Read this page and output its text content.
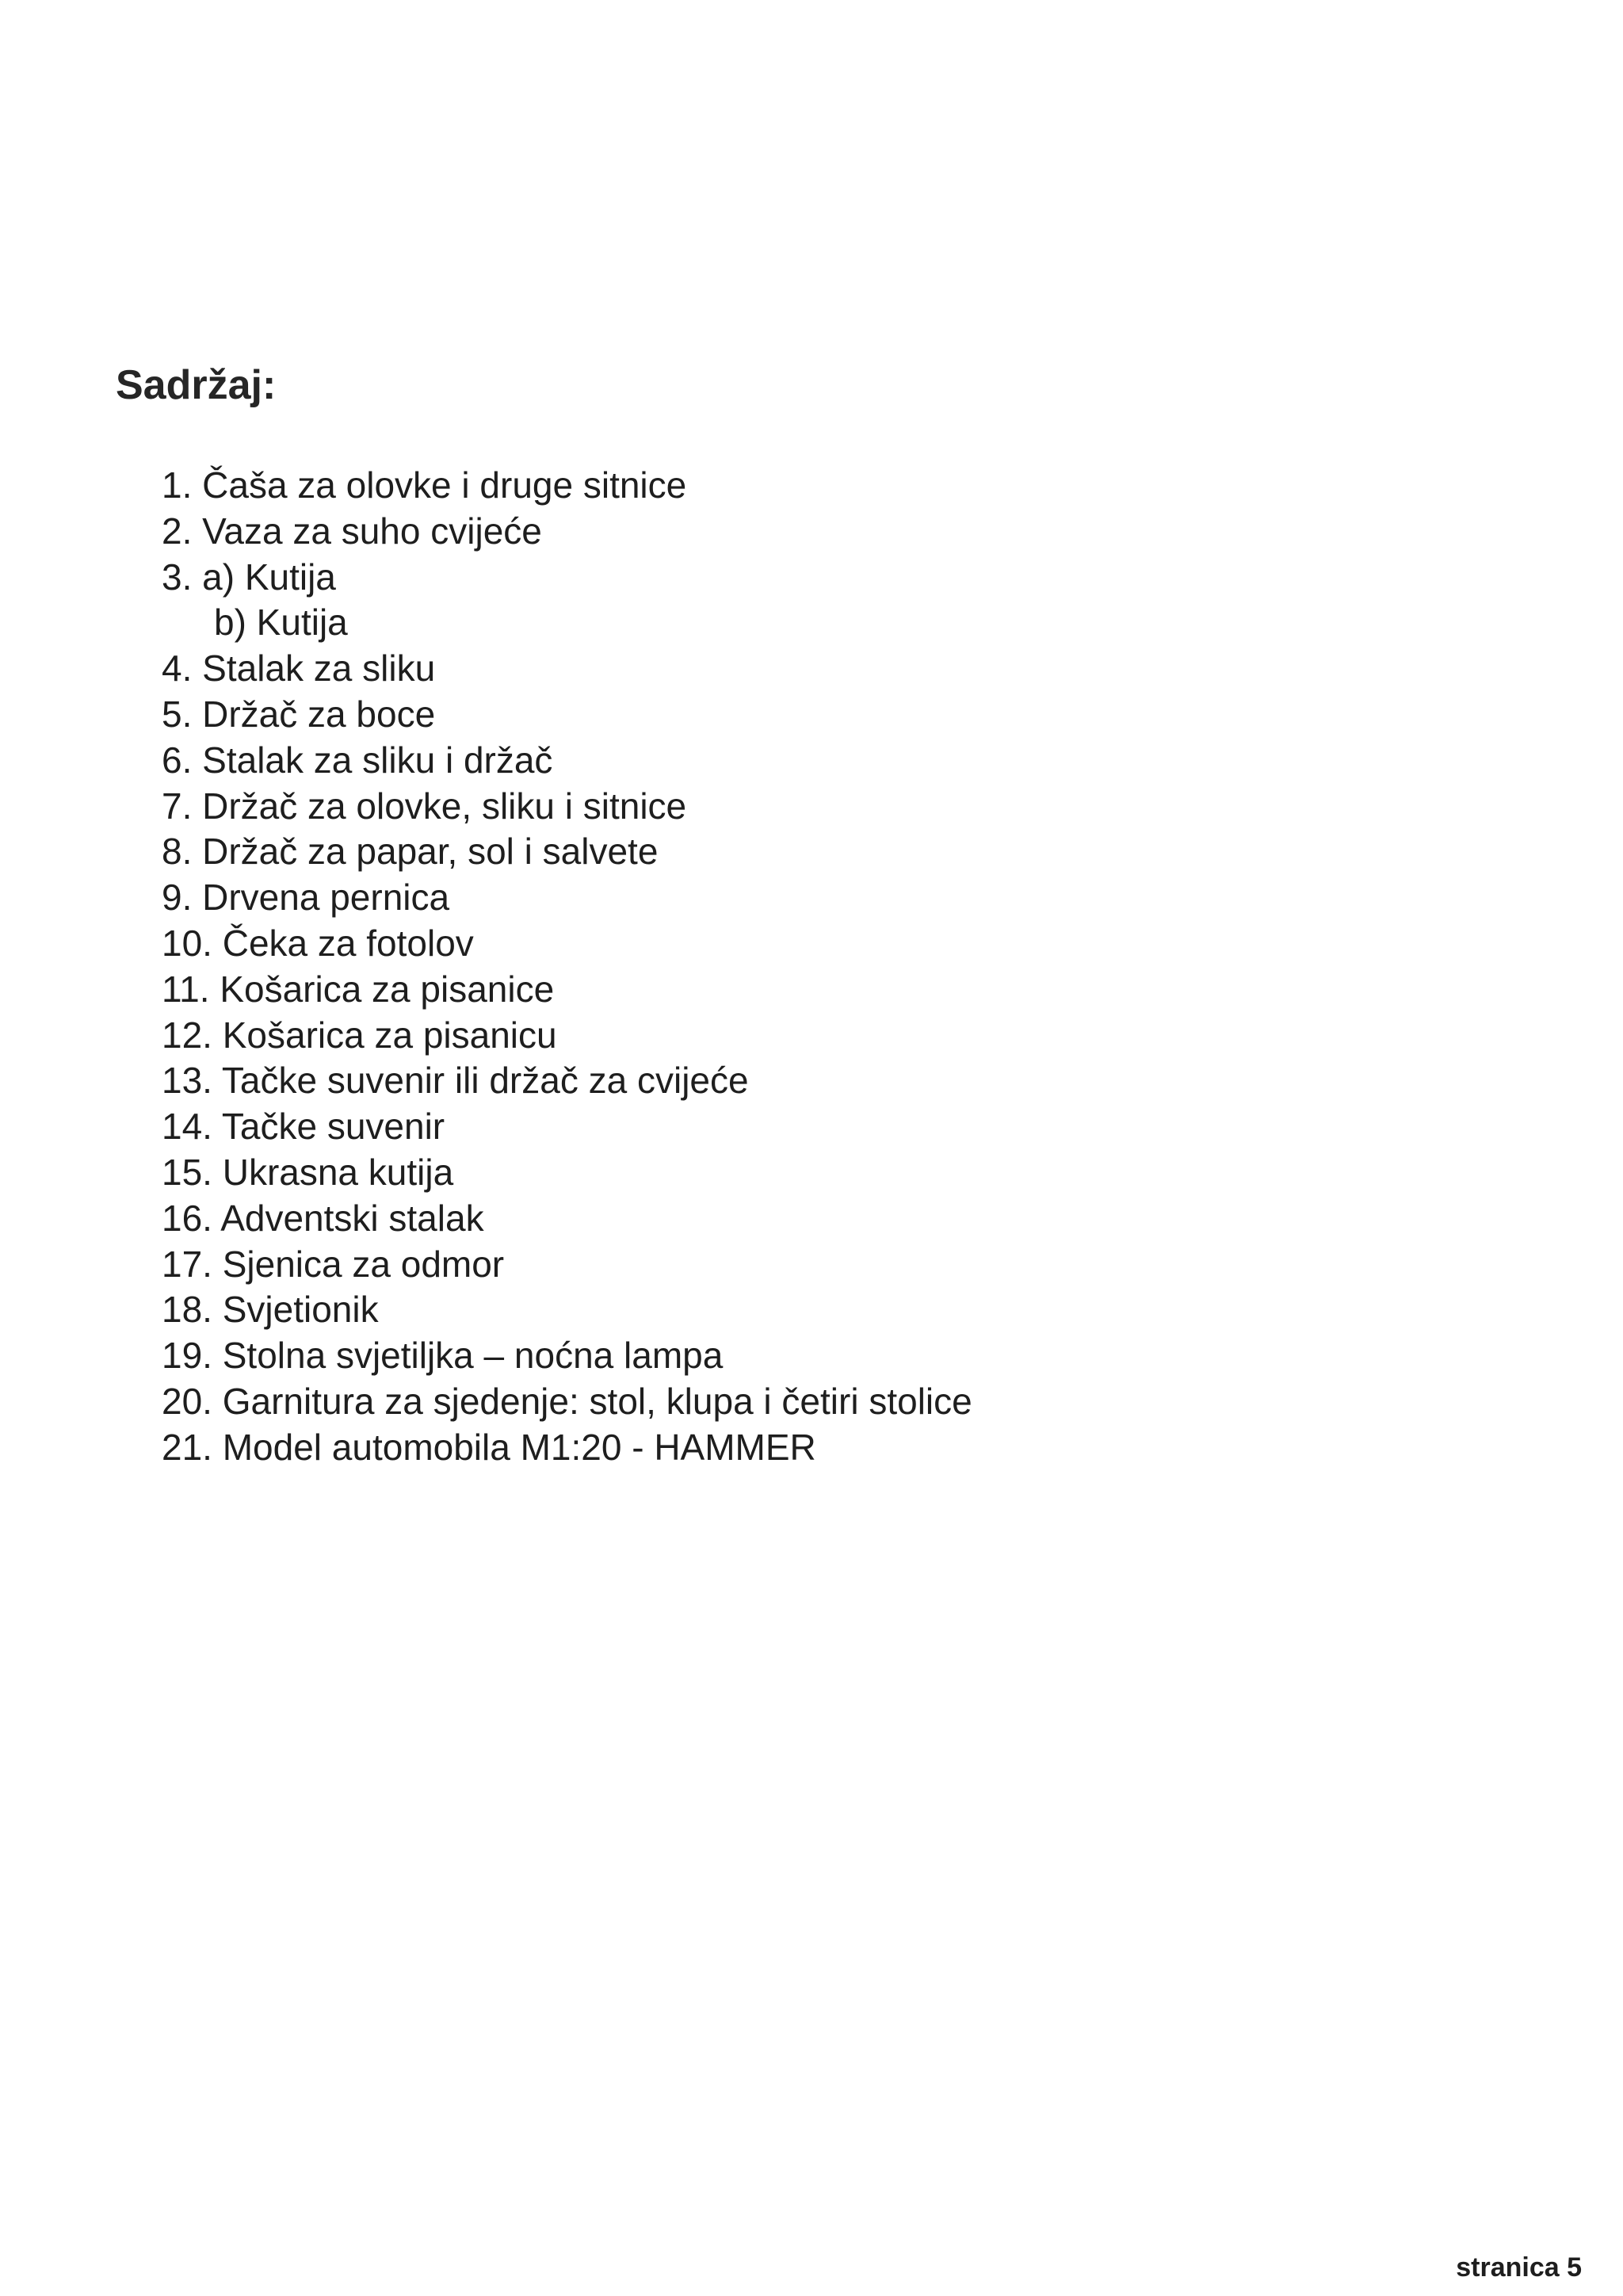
Sadržaj:
1. Čaša za olovke i druge sitnice
2. Vaza za suho cvijeće
3. a) Kutija
b) Kutija
4. Stalak za sliku
5. Držač za boce
6. Stalak za sliku i držač
7. Držač za olovke, sliku i sitnice
8. Držač za papar, sol i salvete
9. Drvena pernica
10. Čeka za fotolov
11. Košarica za pisanice
12. Košarica za pisanicu
13. Tačke suvenir ili držač za cvijeće
14. Tačke suvenir
15. Ukrasna kutija
16. Adventski stalak
17. Sjenica za odmor
18. Svjetionik
19. Stolna svjetiljka – noćna lampa
20. Garnitura za sjedenje: stol, klupa i četiri stolice
21. Model automobila M1:20 - HAMMER
stranica 5
